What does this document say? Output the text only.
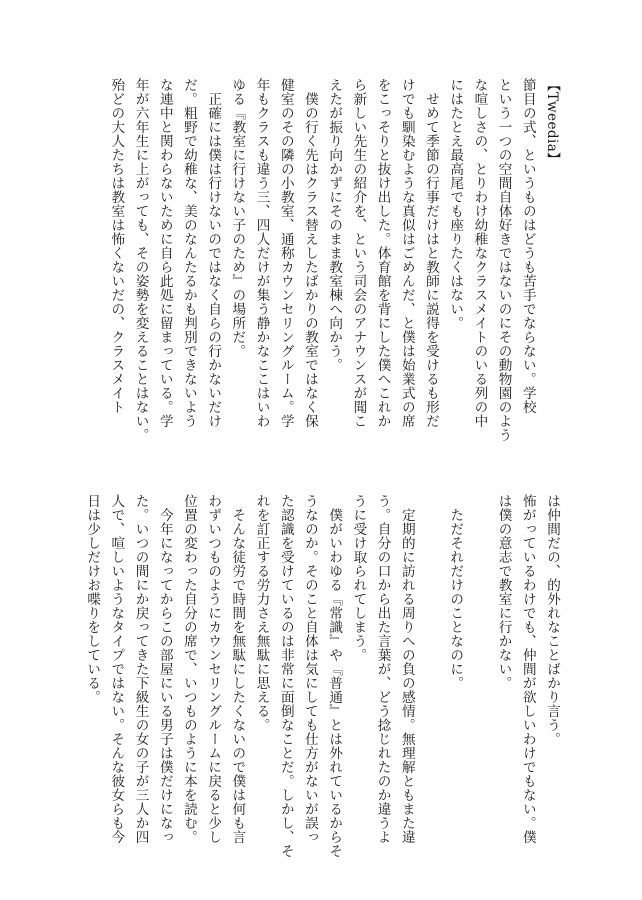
【Tweedia】
節目の式、というものはどうも苦手でならない。学校
という一つの空間自体好きではないのにその動物園のよう
な喧しさの、とりわけ幼稚なクラスメイトのいる列の中
にはたとえ最高尾でも座りたくはない。
　せめて季節の行事だけはと教師に説得を受けるも形だ
けでも馴染むような真似はごめんだ、と僕は始業式の席
をこっそりと抜け出した。体育館を背にした僕へこれか
ら新しい先生の紹介を、という司会のアナウンスが聞こ
えたが振り向かずにそのまま教室棟へ向かう。
　僕の行く先はクラス替えしたばかりの教室ではなく保
健室のその隣の小教室、通称カウンセリングルーム。学
年もクラスも違う三、四人だけが集う静かなここはいわ
ゆる『教室に行けない子のため』の場所だ。
　正確には僕は行けないのではなく自らの行かないだけ
だ。粗野で幼稚な、美のなんたるかも判別できないよう
な連中と関わらないために自ら此処に留まっている。学
年が六年生に上がっても、その姿勢を変えることはない。
殆どの大人たちは教室は怖くないだの、クラスメイト
は仲間だの、的外れなことばかり言う。
怖がっているわけでも、仲間が欲しいわけでもない。僕
は僕の意志で教室に行かない。

　ただそれだけのことなのに。

　定期的に訪れる周りへの負の感情。無理解ともまた違
う。自分の口から出た言葉が、どう捻じれたのか違うよ
うに受け取られてしまう。
　僕がいわゆる『常識』や『普通』とは外れているからそ
うなのか。そのこと自体は気にしても仕方がないが誤っ
た認識を受けているのは非常に面倒なことだ。しかし、そ
れを訂正する労力さえ無駄に思える。
　そんな徒労で時間を無駄にしたくないので僕は何も言
わずいつものようにカウンセリングルームに戻ると少し
位置の変わった自分の席で、いつものように本を読む。
　今年になってからこの部屋にいる男子は僕だけになっ
た。いつの間にか戻ってきた下級生の女の子が三人か四
人で、喧しいようなタイプではない。そんな彼女らも今
日は少しだけお喋りをしている。
